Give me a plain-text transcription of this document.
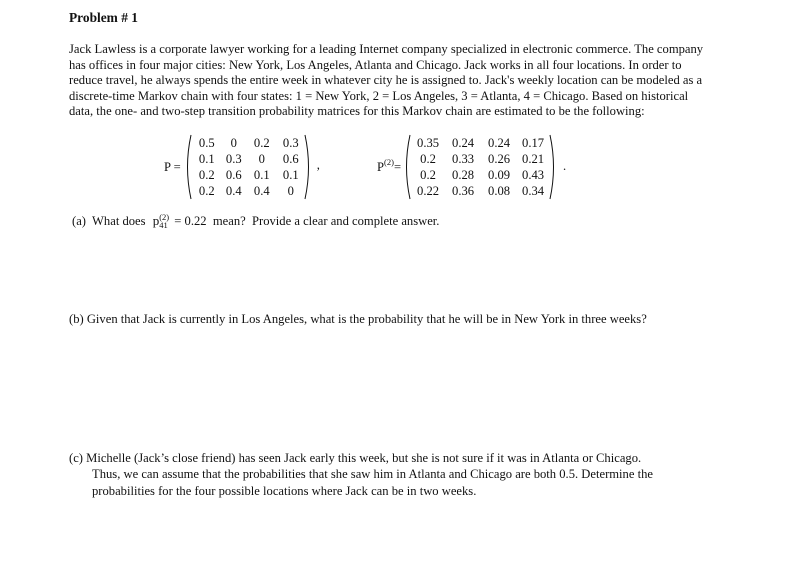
Problem # 1
Jack Lawless is a corporate lawyer working for a leading Internet company specialized in electronic commerce. The company
has offices in four major cities: New York, Los Angeles, Atlanta and Chicago. Jack works in all four locations. In order to
reduce travel, he always spends the entire week in whatever city he is assigned to. Jack's weekly location can be modeled as a
discrete-time Markov chain with four states: 1 = New York, 2 = Los Angeles, 3 = Atlanta, 4 = Chicago. Based on historical
data, the one- and two-step transition probability matrices for this Markov chain are estimated to be the following:
P =
0.5	0	0.2	0.3
0.1 0.3	0	0.6
0.2 0.6 0.1	0.1
0.2 0.4 0.4	0
,	$P^{(2)}=$
0.35	0.24	0.24 0.17
0.2	0.33	0.26 0.21
0.2	0.28	0.09 0.43
0.22	0.36	0.08 0.34
.
(a)  What does p (2)
41 = 0.22  mean?  Provide a clear and complete answer.
(b) Given that Jack is currently in Los Angeles, what is the probability that he will be in New York in three weeks?
(c) Michelle (Jack’s close friend) has seen Jack early this week, but she is not sure if it was in Atlanta or Chicago.
Thus, we can assume that the probabilities that she saw him in Atlanta and Chicago are both 0.5. Determine the
probabilities for the four possible locations where Jack can be in two weeks.
